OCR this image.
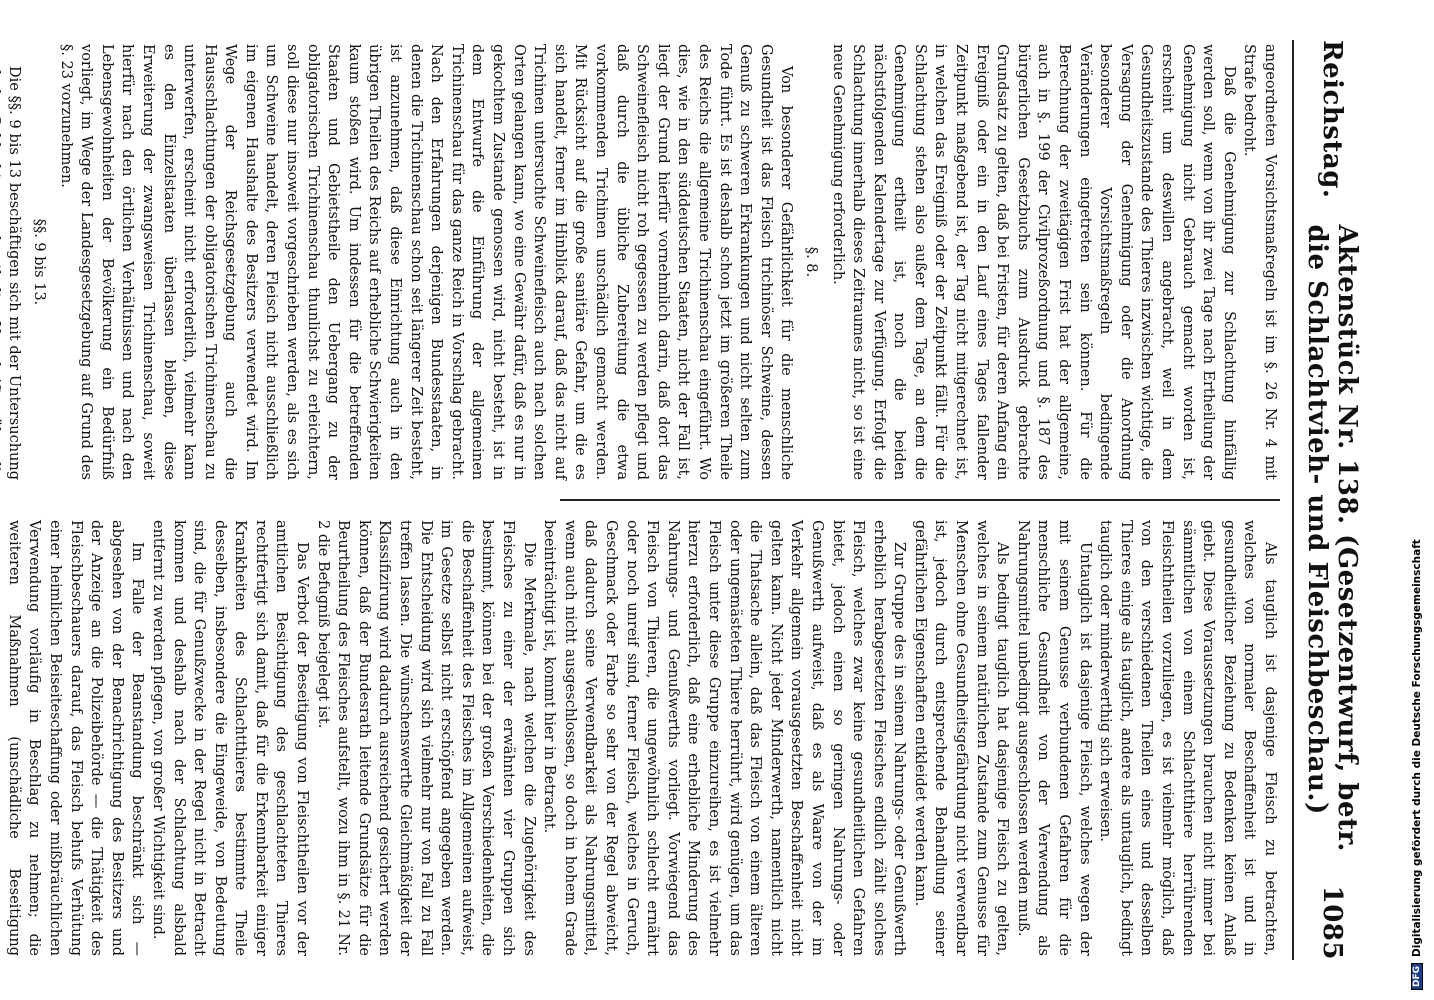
Reichstag.
Aktenstück Nr. 138. (Gesetzentwurf, betr. die Schlachtvieh- und Fleischbeschau.)
1085

angeordneten Vorsichtsmaßregeln ist im §. 26 Nr. 4 mit Strafe bedroht.

Daß die Genehmigung zur Schlachtung hinfällig werden soll, wenn von ihr zwei Tage nach Ertheilung der Genehmigung nicht Gebrauch gemacht worden ist, erscheint um deswillen angebracht, weil in dem Gesundheitszustande des Thieres inzwischen wichtige, die Versagung der Genehmigung oder die Anordnung besonderer Vorsichtsmaßregeln bedingende Veränderungen eingetreten sein können. Für die Berechnung der zweitägigen Frist hat der allgemeine, auch in §. 199 der Civilprozeßordnung und §. 187 des bürgerlichen Gesetzbuchs zum Ausdruck gebrachte Grundsatz zu gelten, daß bei Fristen, für deren Anfang ein Ereigniß oder ein in den Lauf eines Tages fallender Zeitpunkt maßgebend ist, der Tag nicht mitgerechnet ist, in welchen das Ereigniß oder der Zeitpunkt fällt. Für die Schlachtung stehen also außer dem Tage, an dem die Genehmigung ertheilt ist, noch die beiden nächstfolgenden Kalendertage zur Verfügung. Erfolgt die Schlachtung innerhalb dieses Zeitraumes nicht, so ist eine neue Genehmigung erforderlich.

§. 8.

Von besonderer Gefährlichkeit für die menschliche Gesundheit ist das Fleisch trichinöser Schweine, dessen Genuß zu schweren Erkrankungen und nicht selten zum Tode führt. Es ist deshalb schon jetzt im größeren Theile des Reichs die allgemeine Trichinenschau eingeführt. Wo dies, wie in den süddeutschen Staaten, nicht der Fall ist, liegt der Grund hierfür vornehmlich darin, daß dort das Schweinefleisch nicht roh gegessen zu werden pflegt und daß durch die übliche Zubereitung die etwa vorkommenden Trichinen unschädlich gemacht werden. Mit Rücksicht auf die große sanitäre Gefahr, um die es sich handelt, ferner im Hinblick darauf, daß das nicht auf Trichinen untersuchte Schweinefleisch auch nach solchen Orten gelangen kann, wo eine Gewähr dafür, daß es nur in gekochtem Zustande genossen wird, nicht besteht, ist in dem Entwurfe die Einführung der allgemeinen Trichinenschau für das ganze Reich in Vorschlag gebracht. Nach den Erfahrungen derjenigen Bundesstaaten, in denen die Trichinenschau schon seit längerer Zeit besteht, ist anzunehmen, daß diese Einrichtung auch in den übrigen Theilen des Reichs auf erhebliche Schwierigkeiten kaum stoßen wird. Um indessen für die betreffenden Staaten und Gebietstheile den Uebergang zu der obligatorischen Trichinenschau thunlichst zu erleichtern, soll diese nur insoweit vorgeschrieben werden, als es sich um Schweine handelt, deren Fleisch nicht ausschließlich im eigenen Haushalte des Besitzers verwendet wird. Im Wege der Reichsgesetzgebung auch die Hausschlachtungen der obligatorischen Trichinenschau zu unterwerfen, erscheint nicht erforderlich, vielmehr kann es den Einzelstaaten überlassen bleiben, diese Erweiterung der zwangsweisen Trichinenschau, soweit hierfür nach den örtlichen Verhältnissen und nach den Lebensgewohnheiten der Bevölkerung ein Bedürfniß vorliegt, im Wege der Landesgesetzgebung auf Grund des §. 23 vorzunehmen.

§§. 9 bis 13.

Die §§. 9 bis 13 beschäftigen sich mit der Untersuchung

Als tauglich ist dasjenige Fleisch zu betrachten, welches von normaler Beschaffenheit ist und in gesundheitlicher Beziehung zu Bedenken keinen Anlaß giebt. Diese Voraussetzungen brauchen nicht immer bei sämmtlichen von einem Schlachtthiere herrührenden Fleischtheilen vorzuliegen, es ist vielmehr möglich, daß von den verschiedenen Theilen eines und desselben Thieres einige als tauglich, andere als untauglich, bedingt tauglich oder minderwerthig sich erweisen.

Untauglich ist dasjenige Fleisch, welches wegen der mit seinem Genusse verbundenen Gefahren für die menschliche Gesundheit von der Verwendung als Nahrungsmittel unbedingt ausgeschlossen werden muß.

Als bedingt tauglich hat dasjenige Fleisch zu gelten, welches in seinem natürlichen Zustande zum Genusse für Menschen ohne Gesundheitsgefährdung nicht verwendbar ist, jedoch durch entsprechende Behandlung seiner gefährlichen Eigenschaften entkleidet werden kann.

Zur Gruppe des in seinem Nahrungs- oder Genußwerth erheblich herabgesetzten Fleisches endlich zählt solches Fleisch, welches zwar keine gesundheitlichen Gefahren bietet, jedoch einen so geringen Nahrungs- oder Genußwerth aufweist, daß es als Waare von der im Verkehr allgemein vorausgesetzten Beschaffenheit nicht gelten kann. Nicht jeder Minderwerth, namentlich nicht die Thatsache allein, daß das Fleisch von einem älteren oder ungemästeten Thiere herrührt, wird genügen, um das Fleisch unter diese Gruppe einzureihen, es ist vielmehr hierzu erforderlich, daß eine erhebliche Minderung des Nahrungs- und Genußwerths vorliegt. Vorwiegend das Fleisch von Thieren, die ungewöhnlich schlecht ernährt oder noch unreif sind, ferner Fleisch, welches in Geruch, Geschmack oder Farbe so sehr von der Regel abweicht, daß dadurch seine Verwendbarkeit als Nahrungsmittel, wenn auch nicht ausgeschlossen, so doch in hohem Grade beeinträchtigt ist, kommt hier in Betracht.

Die Merkmale, nach welchen die Zugehörigkeit des Fleisches zu einer der erwähnten vier Gruppen sich bestimmt, können bei der großen Verschiedenheiten, die die Beschaffenheit des Fleisches im Allgemeinen aufweist, im Gesetze selbst nicht erschöpfend angegeben werden. Die Entscheidung wird sich vielmehr nur von Fall zu Fall treffen lassen. Die wünschenswerthe Gleichmäßigkeit der Klassifizirung wird dadurch ausreichend gesichert werden können, daß der Bundesrath leitende Grundsätze für die Beurtheilung des Fleisches aufstellt, wozu ihm in §. 21 Nr. 2 die Befugniß beigelegt ist.

Das Verbot der Beseitigung von Fleischtheilen vor der amtlichen Besichtigung des geschlachteten Thieres rechtfertigt sich damit, daß für die Erkennbarkeit einiger Krankheiten des Schlachtthieres bestimmte Theile desselben, insbesondere die Eingeweide, von Bedeutung sind, die für Genußzwecke in der Regel nicht in Betracht kommen und deshalb nach der Schlachtung alsbald entfernt zu werden pflegen, von großer Wichtigkeit sind.

Im Falle der Beanstandung beschränkt sich — abgesehen von der Benachrichtigung des Besitzers und der Anzeige an die Polizeibehörde — die Thätigkeit des Fleischbeschauers darauf, das Fleisch behufs Verhütung einer heimlichen Beiseiteschaffung oder mißbräuchlichen Verwendung vorläufig in Beschlag zu nehmen; die weiteren Maßnahmen (unschädliche Beseitigung

DFG
Digitalisierung gefördert durch die Deutsche Forschungsgemeinschaft
